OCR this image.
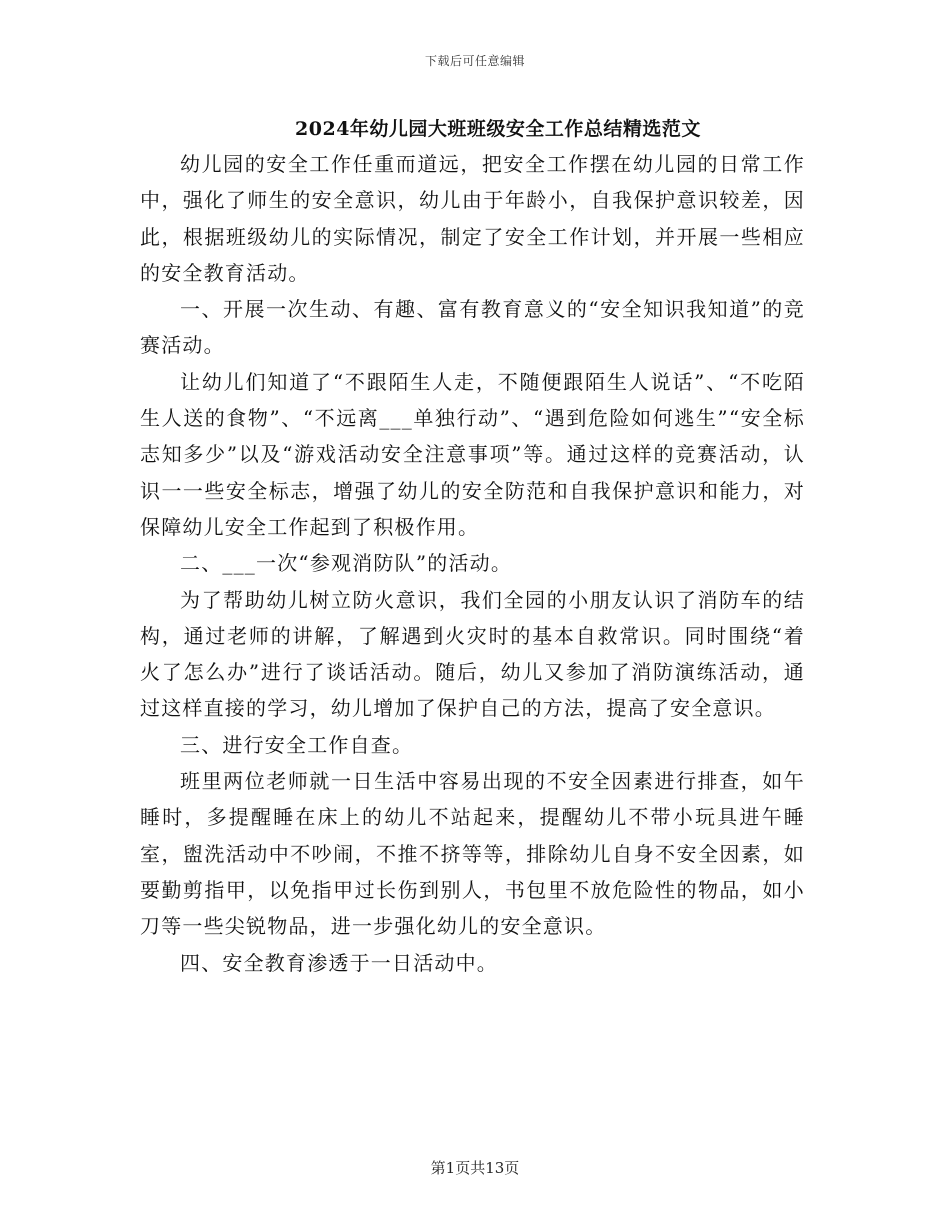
下载后可任意编辑
2024年幼儿园大班班级安全工作总结精选范文

幼儿园的安全工作任重而道远，把安全工作摆在幼儿园的日常工作中，强化了师生的安全意识，幼儿由于年龄小，自我保护意识较差，因此，根据班级幼儿的实际情况，制定了安全工作计划，并开展一些相应的安全教育活动。

一、开展一次生动、有趣、富有教育意义的“安全知识我知道”的竞赛活动。

让幼儿们知道了“不跟陌生人走，不随便跟陌生人说话”、“不吃陌生人送的食物”、“不远离___单独行动”、“遇到危险如何逃生”“安全标志知多少”以及“游戏活动安全注意事项”等。通过这样的竞赛活动，认识一一些安全标志，增强了幼儿的安全防范和自我保护意识和能力，对保障幼儿安全工作起到了积极作用。

二、___一次“参观消防队”的活动。

为了帮助幼儿树立防火意识，我们全园的小朋友认识了消防车的结构，通过老师的讲解，了解遇到火灾时的基本自救常识。同时围绕“着火了怎么办”进行了谈话活动。随后，幼儿又参加了消防演练活动，通过这样直接的学习，幼儿增加了保护自己的方法，提高了安全意识。

三、进行安全工作自查。

班里两位老师就一日生活中容易出现的不安全因素进行排查，如午睡时，多提醒睡在床上的幼儿不站起来，提醒幼儿不带小玩具进午睡室，盥洗活动中不吵闹，不推不挤等等，排除幼儿自身不安全因素，如要勤剪指甲，以免指甲过长伤到别人，书包里不放危险性的物品，如小刀等一些尖锐物品，进一步强化幼儿的安全意识。

四、安全教育渗透于一日活动中。

第1页共13页
